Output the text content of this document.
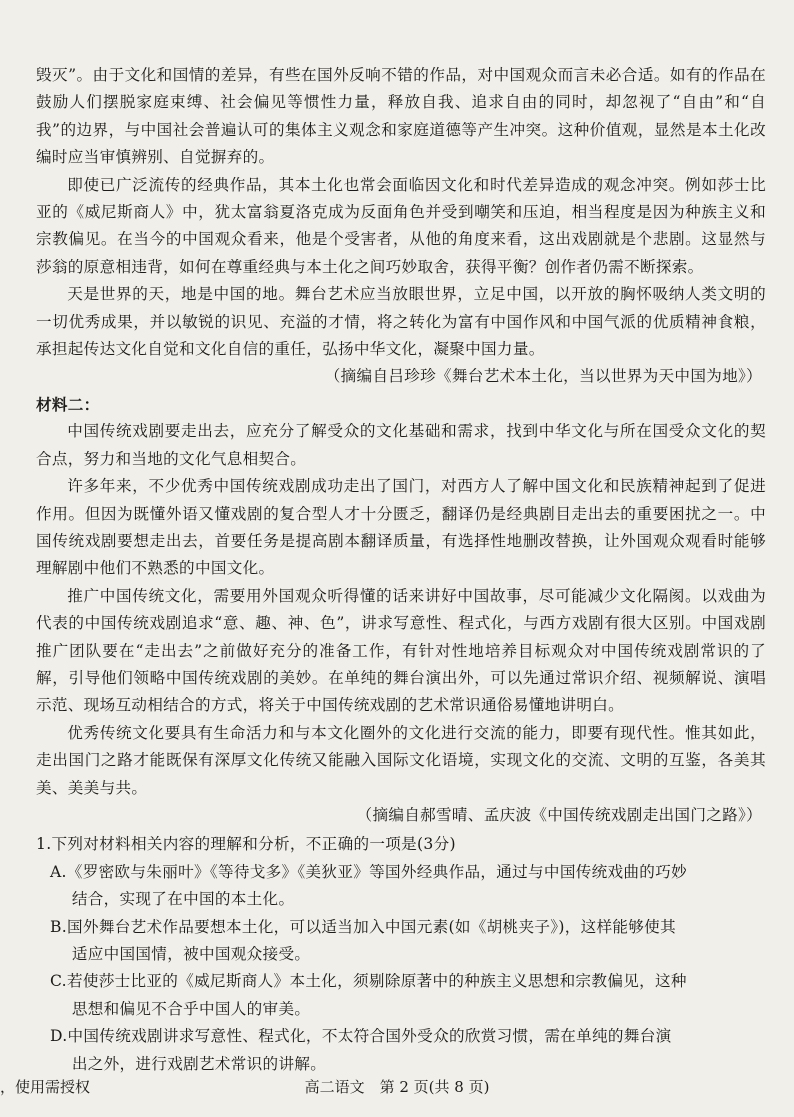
毁灭”。由于文化和国情的差异，有些在国外反响不错的作品，对中国观众而言未必合适。如有的作品在鼓励人们摆脱家庭束缚、社会偏见等惯性力量，释放自我、追求自由的同时，却忽视了“自由”和“自我”的边界，与中国社会普遍认可的集体主义观念和家庭道德等产生冲突。这种价值观，显然是本土化改编时应当审慎辨别、自觉摒弃的。

即使已广泛流传的经典作品，其本土化也常会面临因文化和时代差异造成的观念冲突。例如莎士比亚的《威尼斯商人》中，犹太富翁夏洛克成为反面角色并受到嘲笑和压迫，相当程度是因为种族主义和宗教偏见。在当今的中国观众看来，他是个受害者，从他的角度来看，这出戏剧就是个悲剧。这显然与莎翁的原意相违背，如何在尊重经典与本土化之间巧妙取舍，获得平衡？创作者仍需不断探索。

天是世界的天，地是中国的地。舞台艺术应当放眼世界，立足中国，以开放的胸怀吸纳人类文明的一切优秀成果，并以敏锐的识见、充溢的才情，将之转化为富有中国作风和中国气派的优质精神食粮，承担起传达文化自觉和文化自信的重任，弘扬中华文化，凝聚中国力量。

（摘编自吕珍珍《舞台艺术本土化，当以世界为天中国为地》）

材料二：

中国传统戏剧要走出去，应充分了解受众的文化基础和需求，找到中华文化与所在国受众文化的契合点，努力和当地的文化气息相契合。

许多年来，不少优秀中国传统戏剧成功走出了国门，对西方人了解中国文化和民族精神起到了促进作用。但因为既懂外语又懂戏剧的复合型人才十分匮乏，翻译仍是经典剧目走出去的重要困扰之一。中国传统戏剧要想走出去，首要任务是提高剧本翻译质量，有选择性地删改替换，让外国观众观看时能够理解剧中他们不熟悉的中国文化。

推广中国传统文化，需要用外国观众听得懂的话来讲好中国故事，尽可能减少文化隔阂。以戏曲为代表的中国传统戏剧追求“意、趣、神、色”，讲求写意性、程式化，与西方戏剧有很大区别。中国戏剧推广团队要在“走出去”之前做好充分的准备工作，有针对性地培养目标观众对中国传统戏剧常识的了解，引导他们领略中国传统戏剧的美妙。在单纯的舞台演出外，可以先通过常识介绍、视频解说、演唱示范、现场互动相结合的方式，将关于中国传统戏剧的艺术常识通俗易懂地讲明白。

优秀传统文化要具有生命活力和与本文化圈外的文化进行交流的能力，即要有现代性。惟其如此，走出国门之路才能既保有深厚文化传统又能融入国际文化语境，实现文化的交流、文明的互鉴，各美其美、美美与共。

（摘编自郝雪晴、孟庆波《中国传统戏剧走出国门之路》）

1.下列对材料相关内容的理解和分析，不正确的一项是(3分)

A.《罗密欧与朱丽叶》《等待戈多》《美狄亚》等国外经典作品，通过与中国传统戏曲的巧妙
结合，实现了在中国的本土化。

B.国外舞台艺术作品要想本土化，可以适当加入中国元素(如《胡桃夹子》)，这样能够使其
适应中国国情，被中国观众接受。

C.若使莎士比亚的《威尼斯商人》本土化，须剔除原著中的种族主义思想和宗教偏见，这种
思想和偏见不合乎中国人的审美。

D.中国传统戏剧讲求写意性、程式化，不太符合国外受众的欣赏习惯，需在单纯的舞台演
出之外，进行戏剧艺术常识的讲解。

，使用需授权	高二语文　第 2 页(共 8 页)
